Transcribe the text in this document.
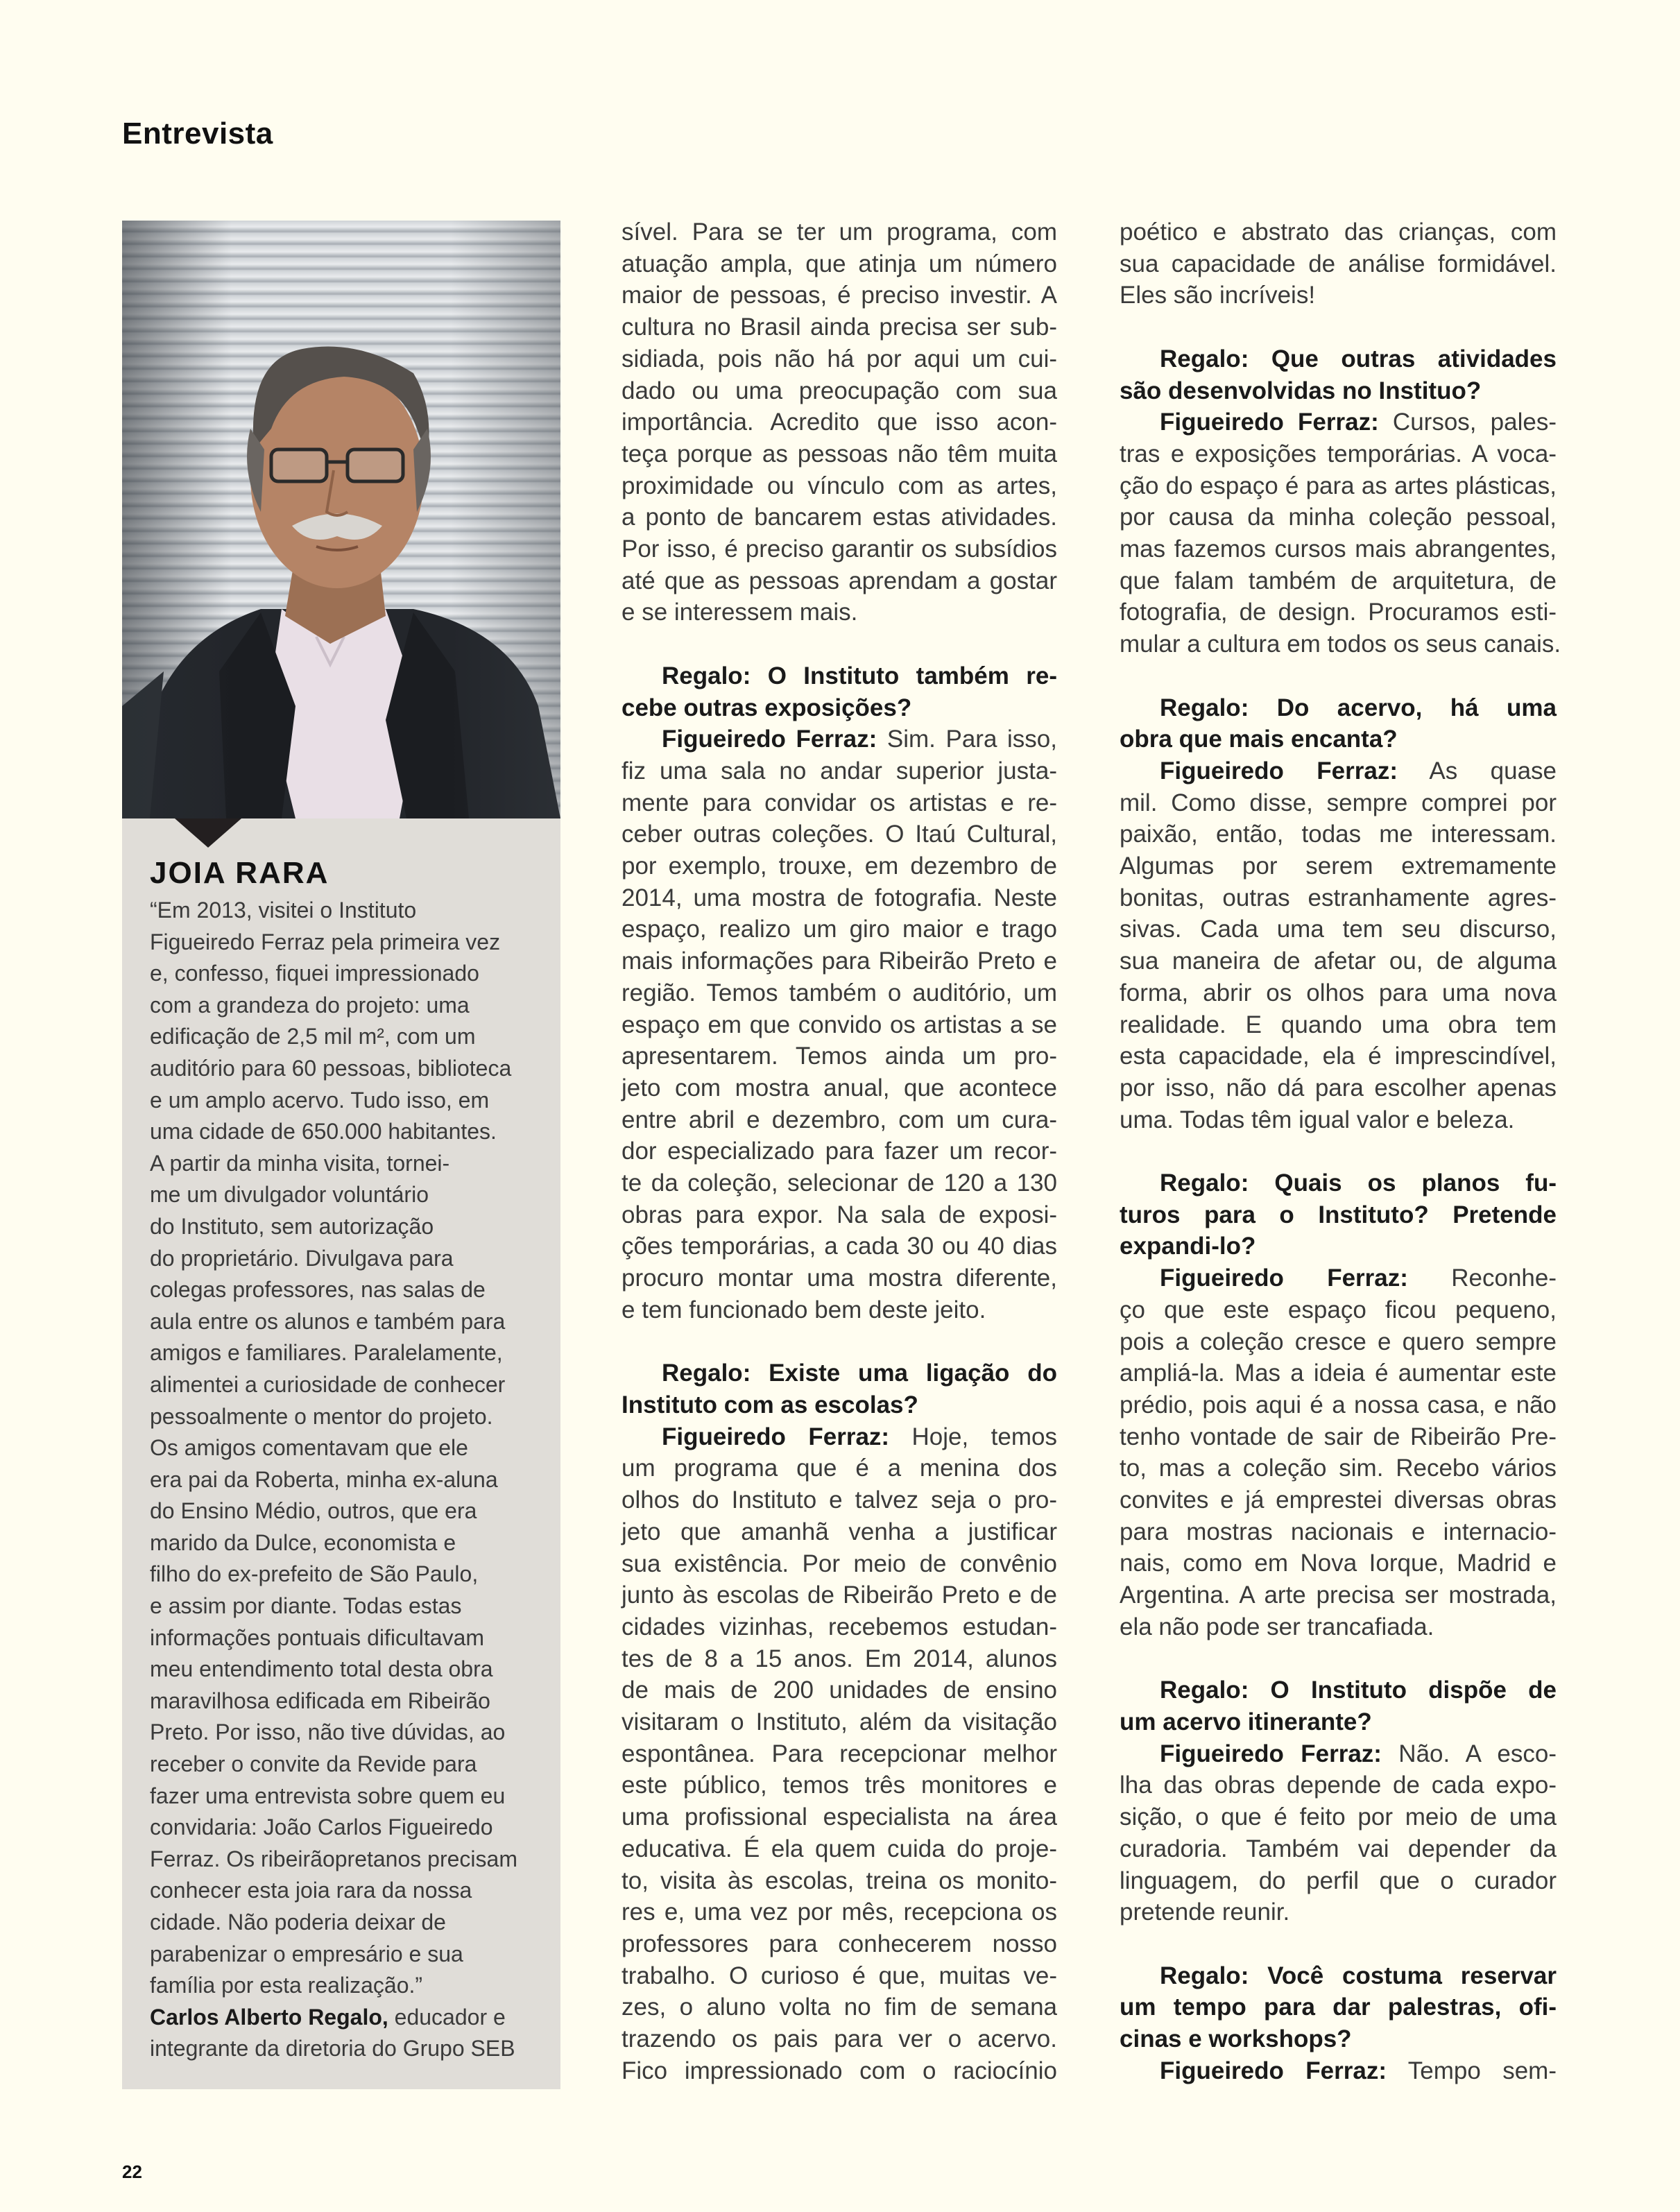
Entrevista
JOIA RARA
“Em 2013, visitei o Instituto
Figueiredo Ferraz pela primeira vez
e, confesso, fiquei impressionado
com a grandeza do projeto: uma
edificação de 2,5 mil m², com um
auditório para 60 pessoas, biblioteca
e um amplo acervo. Tudo isso, em
uma cidade de 650.000 habitantes.
A partir da minha visita, tornei-
me um divulgador voluntário
do Instituto, sem autorização
do proprietário. Divulgava para
colegas professores, nas salas de
aula entre os alunos e também para
amigos e familiares. Paralelamente,
alimentei a curiosidade de conhecer
pessoalmente o mentor do projeto.
Os amigos comentavam que ele
era pai da Roberta, minha ex-aluna
do Ensino Médio, outros, que era
marido da Dulce, economista e
filho do ex-prefeito de São Paulo,
e assim por diante. Todas estas
informações pontuais dificultavam
meu entendimento total desta obra
maravilhosa edificada em Ribeirão
Preto. Por isso, não tive dúvidas, ao
receber o convite da Revide para
fazer uma entrevista sobre quem eu
convidaria: João Carlos Figueiredo
Ferraz. Os ribeirãopretanos precisam
conhecer esta joia rara da nossa
cidade. Não poderia deixar de
parabenizar o empresário e sua
família por esta realização.”
Carlos Alberto Regalo, educador e
integrante da diretoria do Grupo SEB
sível. Para se ter um programa, com
atuação ampla, que atinja um número
maior de pessoas, é preciso investir. A
cultura no Brasil ainda precisa ser sub-
sidiada, pois não há por aqui um cui-
dado ou uma preocupação com sua
importância. Acredito que isso acon-
teça porque as pessoas não têm muita
proximidade ou vínculo com as artes,
a ponto de bancarem estas atividades.
Por isso, é preciso garantir os subsídios
até que as pessoas aprendam a gostar
e se interessem mais.
Regalo: O Instituto também re-
cebe outras exposições?
Figueiredo Ferraz: Sim. Para isso,
fiz uma sala no andar superior justa-
mente para convidar os artistas e re-
ceber outras coleções. O Itaú Cultural,
por exemplo, trouxe, em dezembro de
2014, uma mostra de fotografia. Neste
espaço, realizo um giro maior e trago
mais informações para Ribeirão Preto e
região. Temos também o auditório, um
espaço em que convido os artistas a se
apresentarem. Temos ainda um pro-
jeto com mostra anual, que acontece
entre abril e dezembro, com um cura-
dor especializado para fazer um recor-
te da coleção, selecionar de 120 a 130
obras para expor. Na sala de exposi-
ções temporárias, a cada 30 ou 40 dias
procuro montar uma mostra diferente,
e tem funcionado bem deste jeito.
Regalo: Existe uma ligação do
Instituto com as escolas?
Figueiredo Ferraz: Hoje, temos
um programa que é a menina dos
olhos do Instituto e talvez seja o pro-
jeto que amanhã venha a justificar
sua existência. Por meio de convênio
junto às escolas de Ribeirão Preto e de
cidades vizinhas, recebemos estudan-
tes de 8 a 15 anos. Em 2014, alunos
de mais de 200 unidades de ensino
visitaram o Instituto, além da visitação
espontânea. Para recepcionar melhor
este público, temos três monitores e
uma profissional especialista na área
educativa. É ela quem cuida do proje-
to, visita às escolas, treina os monito-
res e, uma vez por mês, recepciona os
professores para conhecerem nosso
trabalho. O curioso é que, muitas ve-
zes, o aluno volta no fim de semana
trazendo os pais para ver o acervo.
Fico impressionado com o raciocínio
poético e abstrato das crianças, com
sua capacidade de análise formidável.
Eles são incríveis!
Regalo: Que outras atividades
são desenvolvidas no Instituo?
Figueiredo Ferraz: Cursos, pales-
tras e exposições temporárias. A voca-
ção do espaço é para as artes plásticas,
por causa da minha coleção pessoal,
mas fazemos cursos mais abrangentes,
que falam também de arquitetura, de
fotografia, de design. Procuramos esti-
mular a cultura em todos os seus canais.
Regalo: Do acervo, há uma
obra que mais encanta?
Figueiredo Ferraz: As quase
mil. Como disse, sempre comprei por
paixão, então, todas me interessam.
Algumas por serem extremamente
bonitas, outras estranhamente agres-
sivas. Cada uma tem seu discurso,
sua maneira de afetar ou, de alguma
forma, abrir os olhos para uma nova
realidade. E quando uma obra tem
esta capacidade, ela é imprescindível,
por isso, não dá para escolher apenas
uma. Todas têm igual valor e beleza.
Regalo: Quais os planos fu-
turos para o Instituto? Pretende
expandi-lo?
Figueiredo Ferraz: Reconhe-
ço que este espaço ficou pequeno,
pois a coleção cresce e quero sempre
ampliá-la. Mas a ideia é aumentar este
prédio, pois aqui é a nossa casa, e não
tenho vontade de sair de Ribeirão Pre-
to, mas a coleção sim. Recebo vários
convites e já emprestei diversas obras
para mostras nacionais e internacio-
nais, como em Nova Iorque, Madrid e
Argentina. A arte precisa ser mostrada,
ela não pode ser trancafiada.
Regalo: O Instituto dispõe de
um acervo itinerante?
Figueiredo Ferraz: Não. A esco-
lha das obras depende de cada expo-
sição, o que é feito por meio de uma
curadoria. Também vai depender da
linguagem, do perfil que o curador
pretende reunir.
Regalo: Você costuma reservar
um tempo para dar palestras, ofi-
cinas e workshops?
Figueiredo Ferraz: Tempo sem-
22
